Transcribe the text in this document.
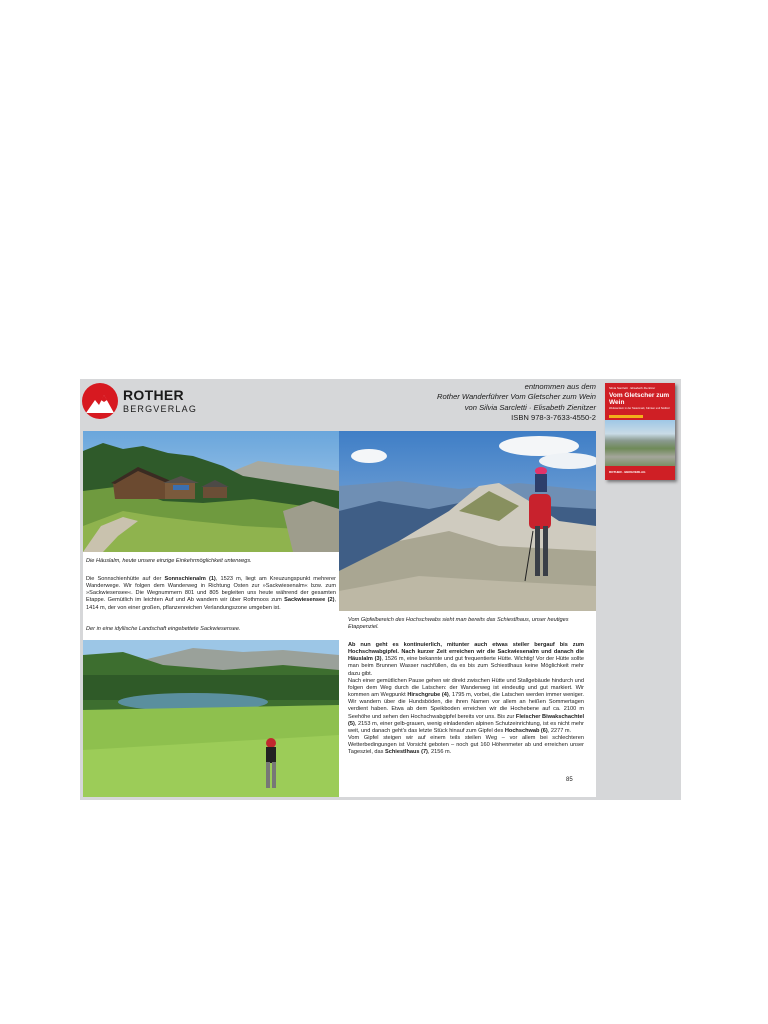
ROTHER
BERGVERLAG
entnommen aus dem
Rother Wanderführer Vom Gletscher zum Wein
von Silvia Sarcletti · Elisabeth Zienitzer
ISBN 978-3-7633-4550-2
Silvia Sarcletti · Elisabeth Zienitzer
Vom Gletscher zum Wein
Weitwandern in der Steiermark, Kärnten und Südtirol
ROTHER · BERGVERLAG
Die Häuslalm, heute unsere einzige Einkehrmöglichkeit unterwegs.
Der in eine idyllische Landschaft eingebettete Sackwiesensee.
Vom Gipfelbereich des Hochschwabs sieht man bereits das Schiestlhaus, unser heutiges Etappenziel.

Die Sonnschienhütte auf der Sonnschienalm (1), 1523 m, liegt am Kreuzungspunkt mehrerer Wanderwege. Wir folgen dem Wanderweg in Richtung Osten zur »Sackwiesenalm« bzw. zum »Sackwiesensee«. Die Wegnummern 801 und 805 begleiten uns heute während der gesamten Etappe. Gemütlich im leichten Auf und Ab wandern wir über Rothmoos zum Sackwiesensee (2), 1414 m, der von einer großen, pflanzenreichen Verlandungszone umgeben ist.

Ab nun geht es kontinuierlich, mitunter auch etwas steiler bergauf bis zum Hochschwabgipfel. Nach kurzer Zeit erreichen wir die Sackwiesenalm und danach die Häuslalm (3), 1526 m, eine bekannte und gut frequentierte Hütte. Wichtig! Vor der Hütte sollte man beim Brunnen Wasser nachfüllen, da es bis zum Schiestlhaus keine Möglichkeit mehr dazu gibt.
Nach einer gemütlichen Pause gehen wir direkt zwischen Hütte und Stallgebäude hindurch und folgen dem Weg durch die Latschen: der Wanderweg ist eindeutig und gut markiert. Wir kommen am Wegpunkt Hirschgrube (4), 1795 m, vorbei, die Latschen werden immer weniger. Wir wandern über die Hundsböden, die ihren Namen vor allem an heißen Sommertagen verdient haben. Etwa ab dem Speikboden erreichen wir die Hochebene auf ca. 2100 m Seehöhe und sehen den Hochschwabgipfel bereits vor uns. Bis zur Fleischer Biwakschachtel (5), 2153 m, einer gelb-grauen, wenig einladenden alpinen Schutzeinrichtung, ist es nicht mehr weit, und danach geht's das letzte Stück hinauf zum Gipfel des Hochschwab (6), 2277 m.
Vom Gipfel steigen wir auf einem teils steilen Weg – vor allem bei schlechteren Wetterbedingungen ist Vorsicht geboten – noch gut 160 Höhenmeter ab und erreichen unser Tagesziel, das Schiestlhaus (7), 2156 m.
85
